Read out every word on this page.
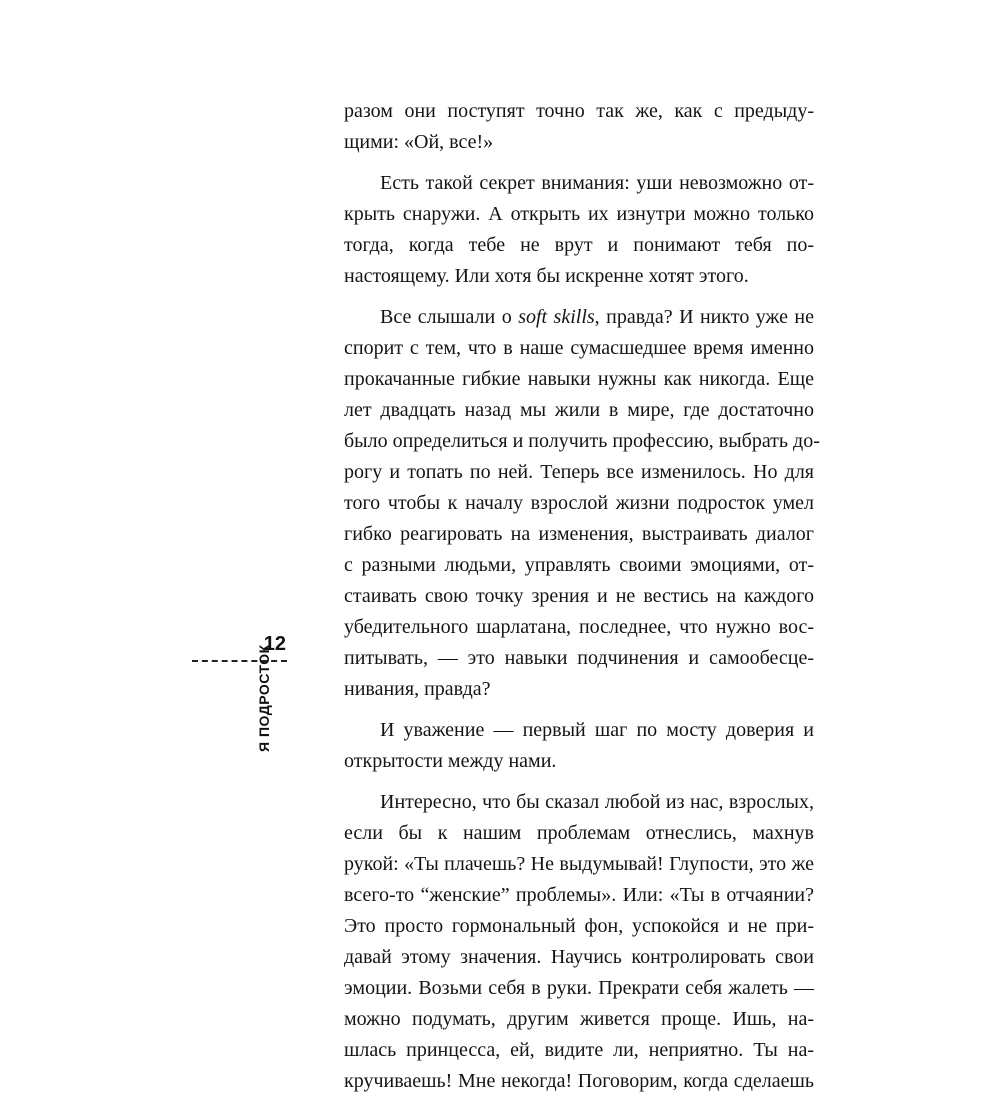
разом они поступят точно так же, как с предыду-
щими: «Ой, все!»
Есть такой секрет внимания: уши невозможно от-
крыть снаружи. А открыть их изнутри можно только
тогда, когда тебе не врут и понимают тебя по-
настоящему. Или хотя бы искренне хотят этого.
Все слышали о soft skills, правда? И никто уже не
спорит с тем, что в наше сумасшедшее время именно
прокачанные гибкие навыки нужны как никогда. Еще
лет двадцать назад мы жили в мире, где достаточно
было определиться и получить профессию, выбрать до-
рогу и топать по ней. Теперь все изменилось. Но для
того чтобы к началу взрослой жизни подросток умел
гибко реагировать на изменения, выстраивать диалог
с разными людьми, управлять своими эмоциями, от-
стаивать свою точку зрения и не вестись на каждого
убедительного шарлатана, последнее, что нужно вос-
питывать, — это навыки подчинения и самообесце-
нивания, правда?
И уважение — первый шаг по мосту доверия и
открытости между нами.
Интересно, что бы сказал любой из нас, взрослых,
если бы к нашим проблемам отнеслись, махнув
рукой: «Ты плачешь? Не выдумывай! Глупости, это же
всего-то “женские” проблемы». Или: «Ты в отчаянии?
Это просто гормональный фон, успокойся и не при-
давай этому значения. Научись контролировать свои
эмоции. Возьми себя в руки. Прекрати себя жалеть —
можно подумать, другим живется проще. Ишь, на-
шлась принцесса, ей, видите ли, неприятно. Ты на-
кручиваешь! Мне некогда! Поговорим, когда сделаешь
12
Я ПОДРОСТОК
